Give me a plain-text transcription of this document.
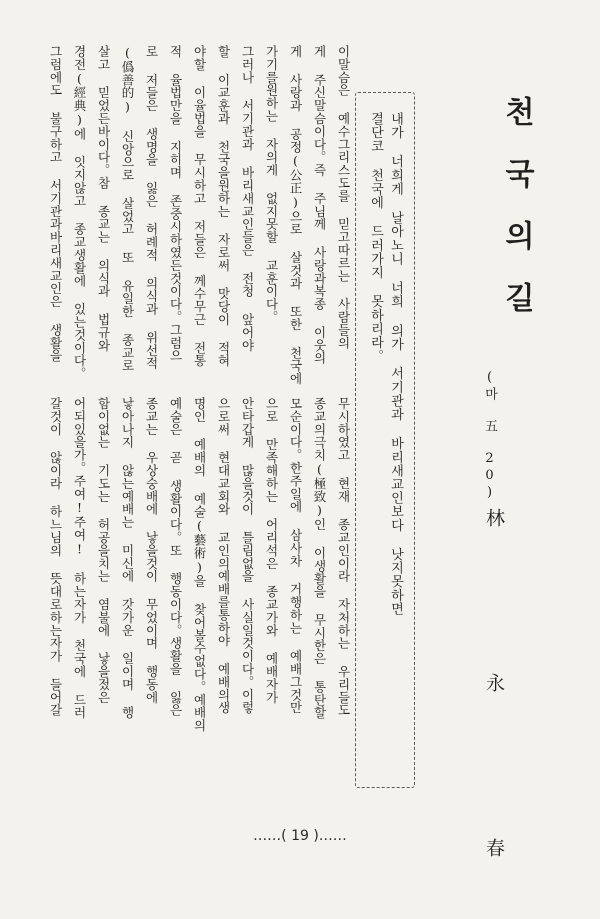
천국의길
(마 五 20)
林 永 春
내가 너희게 날아노니 너희 의가 서기관과 바리새교인보다 낫지못하면
결단코 천국에 드러가지 못하리라。
이말슴은 예수그리스도를 믿고따르는 사람들의
게 주신말슴이다。즉 주님께 사랑과복종 이웃의
게 사랑과 공정(公正)으로 살것과 또한 천국에
가기를원하는 자의게 없지못할 교훈이다。
그러나 서기관과 바리새교인들은 전청 앞어야
할 이교훈과 천국을원하는 자로써 맛당이 적혀
야할 이율법을 무시하고 저들은 께수무근 전통
적 율법만을 지히며 존중시하였든것이다。그럼으
로 저들은 생명을 잃은 허례적 의식과 위선적
(僞善的) 신앙으로 살었고 또 유일한 종교로
살고 믿었든바이다。참 종교는 의식과 법규와
경전(經典)에 잇지않고 종교생활에 있는것이다。
그럼에도 불구하고 서기관과바리새교인은 생활을
무시하였고 현재 종교인이라 자처하는 우리들도
종교의극치(極致)인 이생활을 무시한은 통탄할
모순이다。한주일에 삼사차 거행하는 예배그것만
으로 만족해하는 어리석은 종교가와 예배자가
안타갑게 많을것이 틀림없을 사실일것이다。이렇
으로써 현대교회와 교인의예배를통하야 예배의생
명인 예배의 예술(藝術)을 찾어볼수없다。예배의
예술은 곧 생활이다。또 행동이다。생활을 잃은
종교는 우상숭배에 낳을것이 무었이며 행동에
낳아나지 않는예배는 미신에 갓가운 일이며 행
함이없는 기도는 허공을치는 염불에 낳을젔은
어되있을가。주여!주여! 하는자가 천국에 드러
갈것이 않이라 하느님의 뜻대로하는자가 들어갈
……( 19 )……
